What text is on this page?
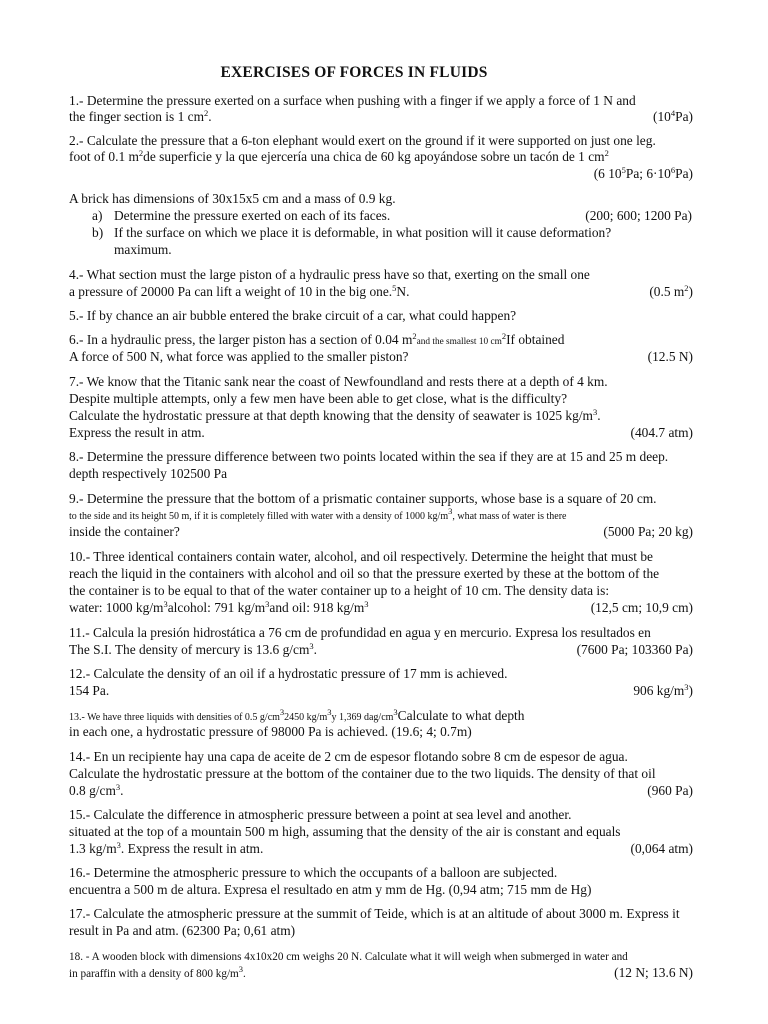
EXERCISES OF FORCES IN FLUIDS
1.- Determine the pressure exerted on a surface when pushing with a finger if we apply a force of 1 N and
the finger section is 1 $cm^2$.	$(10^4Pa)$
2.- Calculate the pressure that a 6-ton elephant would exert on the ground if it were supported on just one leg.
foot of 0.1 $m^2de$ superficie y la que ejercería una chica de 60 kg apoyándose sobre un tacón de 1 $cm^2$
(6 $10^5Pa$; $6\cdot 10^6Pa$)
A brick has dimensions of 30x15x5 cm and a mass of 0.9 kg.
a) Determine the pressure exerted on each of its faces.	(200; 600; 1200 Pa)
b) If the surface on which we place it is deformable, in what position will it cause deformation?
maximum.
4.- What section must the large piston of a hydraulic press have so that, exerting on the small one
a pressure of 20000 Pa can lift a weight of 10 in the big one.$^5$N.	(0.5 $m^2$)
5.- If by chance an air bubble entered the brake circuit of a car, what could happen?
6.- In a hydraulic press, the larger piston has a section of 0.04 $m^2and$ the smallest 10 $cm^2If$ obtained
A force of 500 N, what force was applied to the smaller piston?	(12.5 N)
7.- We know that the Titanic sank near the coast of Newfoundland and rests there at a depth of 4 km.
Despite multiple attempts, only a few men have been able to get close, what is the difficulty?
Calculate the hydrostatic pressure at that depth knowing that the density of seawater is 1025 $kg/m^3$.
Express the result in atm.	(404.7 atm)
8.- Determine the pressure difference between two points located within the sea if they are at 15 and 25 m deep.
depth respectively 102500 Pa
9.- Determine the pressure that the bottom of a prismatic container supports, whose base is a square of 20 cm.
to the side and its height 50 m, if it is completely filled with water with a density of 1000 $kg/m^3$, what mass of water is there
inside the container?	(5000 Pa; 20 kg)
10.- Three identical containers contain water, alcohol, and oil respectively. Determine the height that must be
reach the liquid in the containers with alcohol and oil so that the pressure exerted by these at the bottom of the
the container is to be equal to that of the water container up to a height of 10 cm. The density data is:
water: 1000 $kg/m^3alcohol$: 791 $kg/m^3and$ oil: 918 $kg/m^3$	(12,5 cm; 10,9 cm)
11.- Calcula la presión hidrostática a 76 cm de profundidad en agua y en mercurio. Expresa los resultados en
The S.I. The density of mercury is 13.6 $g/cm^3$.	(7600 Pa; 103360 Pa)
12.- Calculate the density of an oil if a hydrostatic pressure of 17 mm is achieved.
154 Pa.	906 $kg/m^3$)
13.- We have three liquids with densities of 0.5 $g/cm^32450$ $kg/m^3y$ 1,369 dag/$cm^3Calculate$ to what depth
in each one, a hydrostatic pressure of 98000 Pa is achieved. (19.6; 4; 0.7m)
14.- En un recipiente hay una capa de aceite de 2 cm de espesor flotando sobre 8 cm de espesor de agua.
Calculate the hydrostatic pressure at the bottom of the container due to the two liquids. The density of that oil
0.8 $g/cm^3$.	(960 Pa)
15.- Calculate the difference in atmospheric pressure between a point at sea level and another.
situated at the top of a mountain 500 m high, assuming that the density of the air is constant and equals
1.3 $kg/m^3$. Express the result in atm.	(0,064 atm)
16.- Determine the atmospheric pressure to which the occupants of a balloon are subjected.
encuentra a 500 m de altura. Expresa el resultado en atm y mm de Hg. (0,94 atm; 715 mm de Hg)
17.- Calculate the atmospheric pressure at the summit of Teide, which is at an altitude of about 3000 m. Express it
result in Pa and atm. (62300 Pa; 0,61 atm)
18. - A wooden block with dimensions 4x10x20 cm weighs 20 N. Calculate what it will weigh when submerged in water and
in paraffin with a density of 800 $kg/m^3$.	(12 N; 13.6 N)
